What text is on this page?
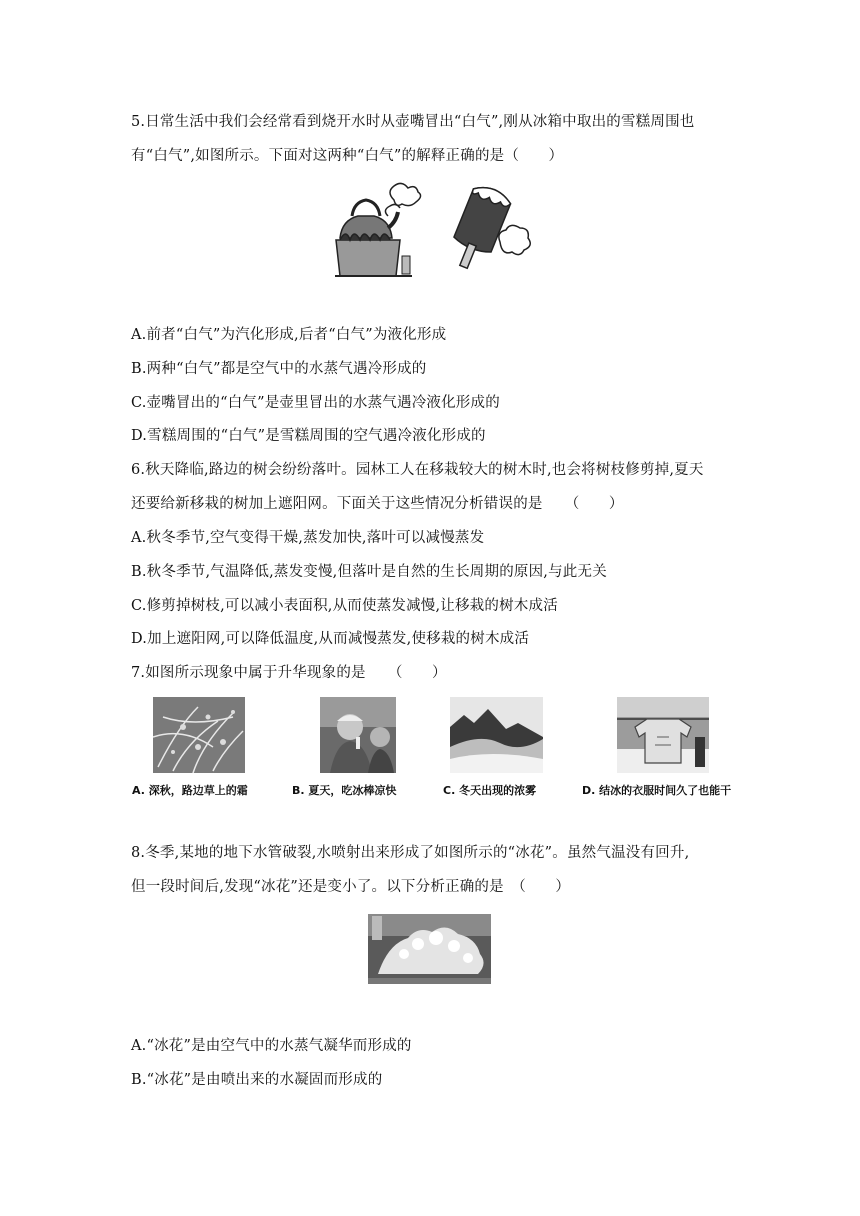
5.日常生活中我们会经常看到烧开水时从壶嘴冒出“白气”,刚从冰箱中取出的雪糕周围也
有“白气”,如图所示。下面对这两种“白气”的解释正确的是（　　）
A.前者“白气”为汽化形成,后者“白气”为液化形成
B.两种“白气”都是空气中的水蒸气遇冷形成的
C.壶嘴冒出的“白气”是壶里冒出的水蒸气遇冷液化形成的
D.雪糕周围的“白气”是雪糕周围的空气遇冷液化形成的
6.秋天降临,路边的树会纷纷落叶。园林工人在移栽较大的树木时,也会将树枝修剪掉,夏天
还要给新移栽的树加上遮阳网。下面关于这些情况分析错误的是　　（　　）
A.秋冬季节,空气变得干燥,蒸发加快,落叶可以减慢蒸发
B.秋冬季节,气温降低,蒸发变慢,但落叶是自然的生长周期的原因,与此无关
C.修剪掉树枝,可以减小表面积,从而使蒸发减慢,让移栽的树木成活
D.加上遮阳网,可以降低温度,从而减慢蒸发,使移栽的树木成活
7.如图所示现象中属于升华现象的是　　（　　）
A. 深秋，路边草上的霜	B. 夏天，吃冰棒凉快	C. 冬天出现的浓雾	D. 结冰的衣服时间久了也能干
8.冬季,某地的地下水管破裂,水喷射出来形成了如图所示的“冰花”。虽然气温没有回升,
但一段时间后,发现“冰花”还是变小了。以下分析正确的是　（　　）
A.“冰花”是由空气中的水蒸气凝华而形成的
B.“冰花”是由喷出来的水凝固而形成的
